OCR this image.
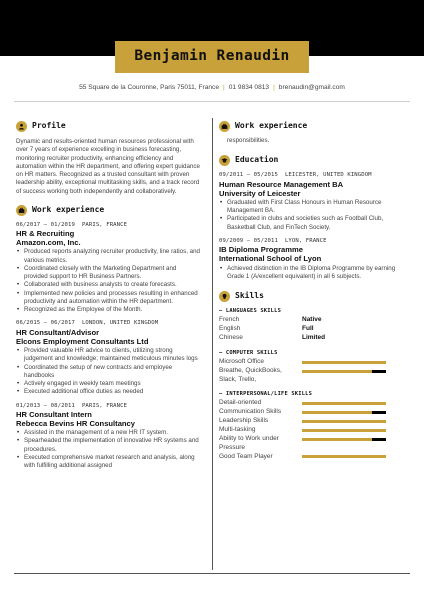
Benjamin Renaudin
55 Square de la Couronne, Paris 75011, France | 01 9834 0813 | brenaudin@gmail.com
Profile

Dynamic and results-oriented human resources professional with over 7 years of experience excelling in business forecasting, monitoring recruiter productivity, enhancing efficiency and automation within the HR department, and offering expert guidance on HR matters. Recognized as a trusted consultant with proven leadership ability, exceptional multitasking skills, and a track record of success working both independently and collaboratively.

Work experience
06/2017 – 01/2019 PARIS, FRANCE
HR & Recruiting
Amazon.com, Inc.
• Produced reports analyzing recruiter productivity, line ratios, and various metrics.
• Coordinated closely with the Marketing Department and provided support to HR Business Partners.
• Collaborated with business analysts to create forecasts.
• Implemented new policies and processes resulting in enhanced productivity and automation within the HR department.
• Recognized as the Employee of the Month.
06/2015 – 06/2017 LONDON, UNITED KINGDOM
HR Consultant/Advisor
Elcons Employment Consultants Ltd
• Provided valuable HR advice to clients, utilizing strong judgement and knowledge; maintained meticulous minutes logs
• Coordinated the setup of new contracts and employee handbooks
• Actively engaged in weekly team meetings
• Executed additional office duties as needed
01/2013 – 08/2011 PARIS, FRANCE
HR Consultant Intern
Rebecca Bevins HR Consultancy
• Assisted in the management of a new HR IT system.
• Spearheaded the implementation of innovative HR systems and procedures.
• Executed comprehensive market research and analysis, along with fulfilling additional assigned
Work experience
responsibilities.
Education
09/2011 – 05/2015 LEICESTER, UNITED KINGDOM
Human Resource Management BA
University of Leicester
• Graduated with First Class Honours in Human Resource Management BA.
• Participated in clubs and societies such as Football Club, Basketball Club, and FinTech Society.
09/2009 – 05/2011 LYON, FRANCE
IB Diploma Programme
International School of Lyon
• Achieved distinction in the IB Diploma Programme by earning Grade 1 (A/excellent equivalent) in all 6 subjects.
Skills
– LANGUAGES SKILLS
French	Native
English	Full
Chinese	Limited
– COMPUTER SKILLS
Microsoft Office
Breathe, QuickBooks,
Slack, Trello,
– INTERPERSONAL/LIFE SKILLS
Detail-oriented
Communication Skills
Leadership Skills
Multi-tasking
Ability to Work under
Pressure
Good Team Player
